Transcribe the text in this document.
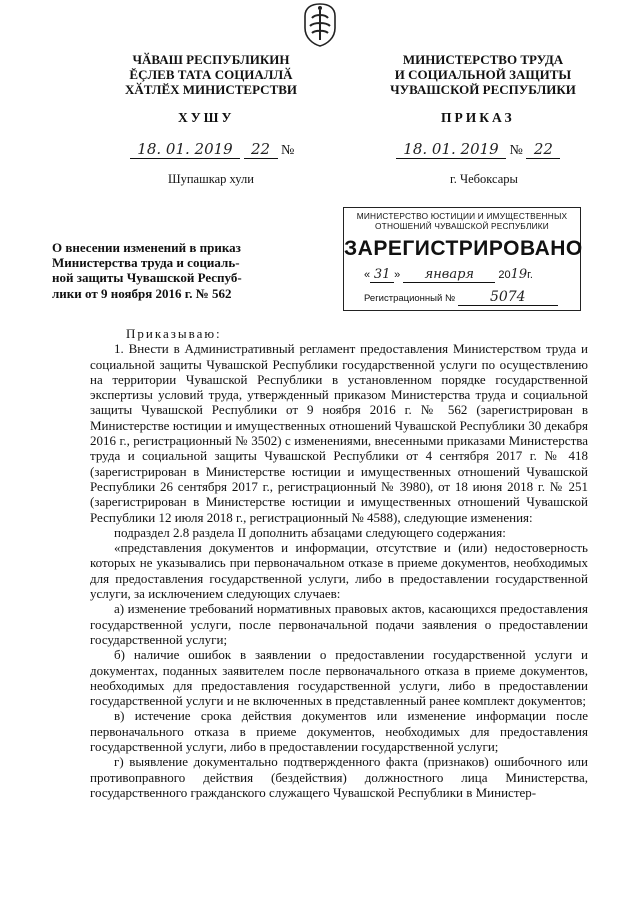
ЧӐВАШ РЕСПУБЛИКИН
ĔÇЛЕВ ТАТА СОЦИАЛЛӐ
ХӐТЛӖХ МИНИСТЕРСТВИ
МИНИСТЕРСТВО ТРУДА
И СОЦИАЛЬНОЙ ЗАЩИТЫ
ЧУВАШСКОЙ РЕСПУБЛИКИ
ХУШУ	ПРИКАЗ
18. 01. 2019 22 №	18. 01. 2019 № 22
Шупашкар хули	г. Чебоксары
МИНИСТЕРСТВО ЮСТИЦИИ И ИМУЩЕСТВЕННЫХ
ОТНОШЕНИЙ ЧУВАШСКОЙ РЕСПУБЛИКИ
ЗАРЕГИСТРИРОВАНО
« 31 » января 2019г.
Регистрационный № 5074
О внесении изменений в приказ
Министерства труда и социаль-
ной защиты Чувашской Респуб-
лики от 9 ноября 2016 г. № 562

Приказываю:

1. Внести в Административный регламент предоставления Министерством труда и социальной защиты Чувашской Республики государственной услуги по осуществлению на территории Чувашской Республики в установленном порядке государственной экспертизы условий труда, утвержденный приказом Министерства труда и социальной защиты Чувашской Республики от 9 ноября 2016 г. № 562 (зарегистрирован в Министерстве юстиции и имущественных отношений Чувашской Республики 30 декабря 2016 г., регистрационный № 3502) с изменениями, внесенными приказами Министерства труда и социальной защиты Чувашской Республики от 4 сентября 2017 г. № 418 (зарегистрирован в Министерстве юстиции и имущественных отношений Чувашской Республики 26 сентября 2017 г., регистрационный № 3980), от 18 июня 2018 г. № 251 (зарегистрирован в Министерстве юстиции и имущественных отношений Чувашской Республики 12 июля 2018 г., регистрационный № 4588), следующие изменения:

подраздел 2.8 раздела II дополнить абзацами следующего содержания:

«представления документов и информации, отсутствие и (или) недостоверность которых не указывались при первоначальном отказе в приеме документов, необходимых для предоставления государственной услуги, либо в предоставлении государственной услуги, за исключением следующих случаев:

а) изменение требований нормативных правовых актов, касающихся предоставления государственной услуги, после первоначальной подачи заявления о предоставлении государственной услуги;

б) наличие ошибок в заявлении о предоставлении государственной услуги и документах, поданных заявителем после первоначального отказа в приеме документов, необходимых для предоставления государственной услуги, либо в предоставлении государственной услуги и не включенных в представленный ранее комплект документов;

в) истечение срока действия документов или изменение информации после первоначального отказа в приеме документов, необходимых для предоставления государственной услуги, либо в предоставлении государственной услуги;

г) выявление документально подтвержденного факта (признаков) ошибочного или противоправного действия (бездействия) должностного лица Министерства, государственного гражданского служащего Чувашской Республики в Министер-
